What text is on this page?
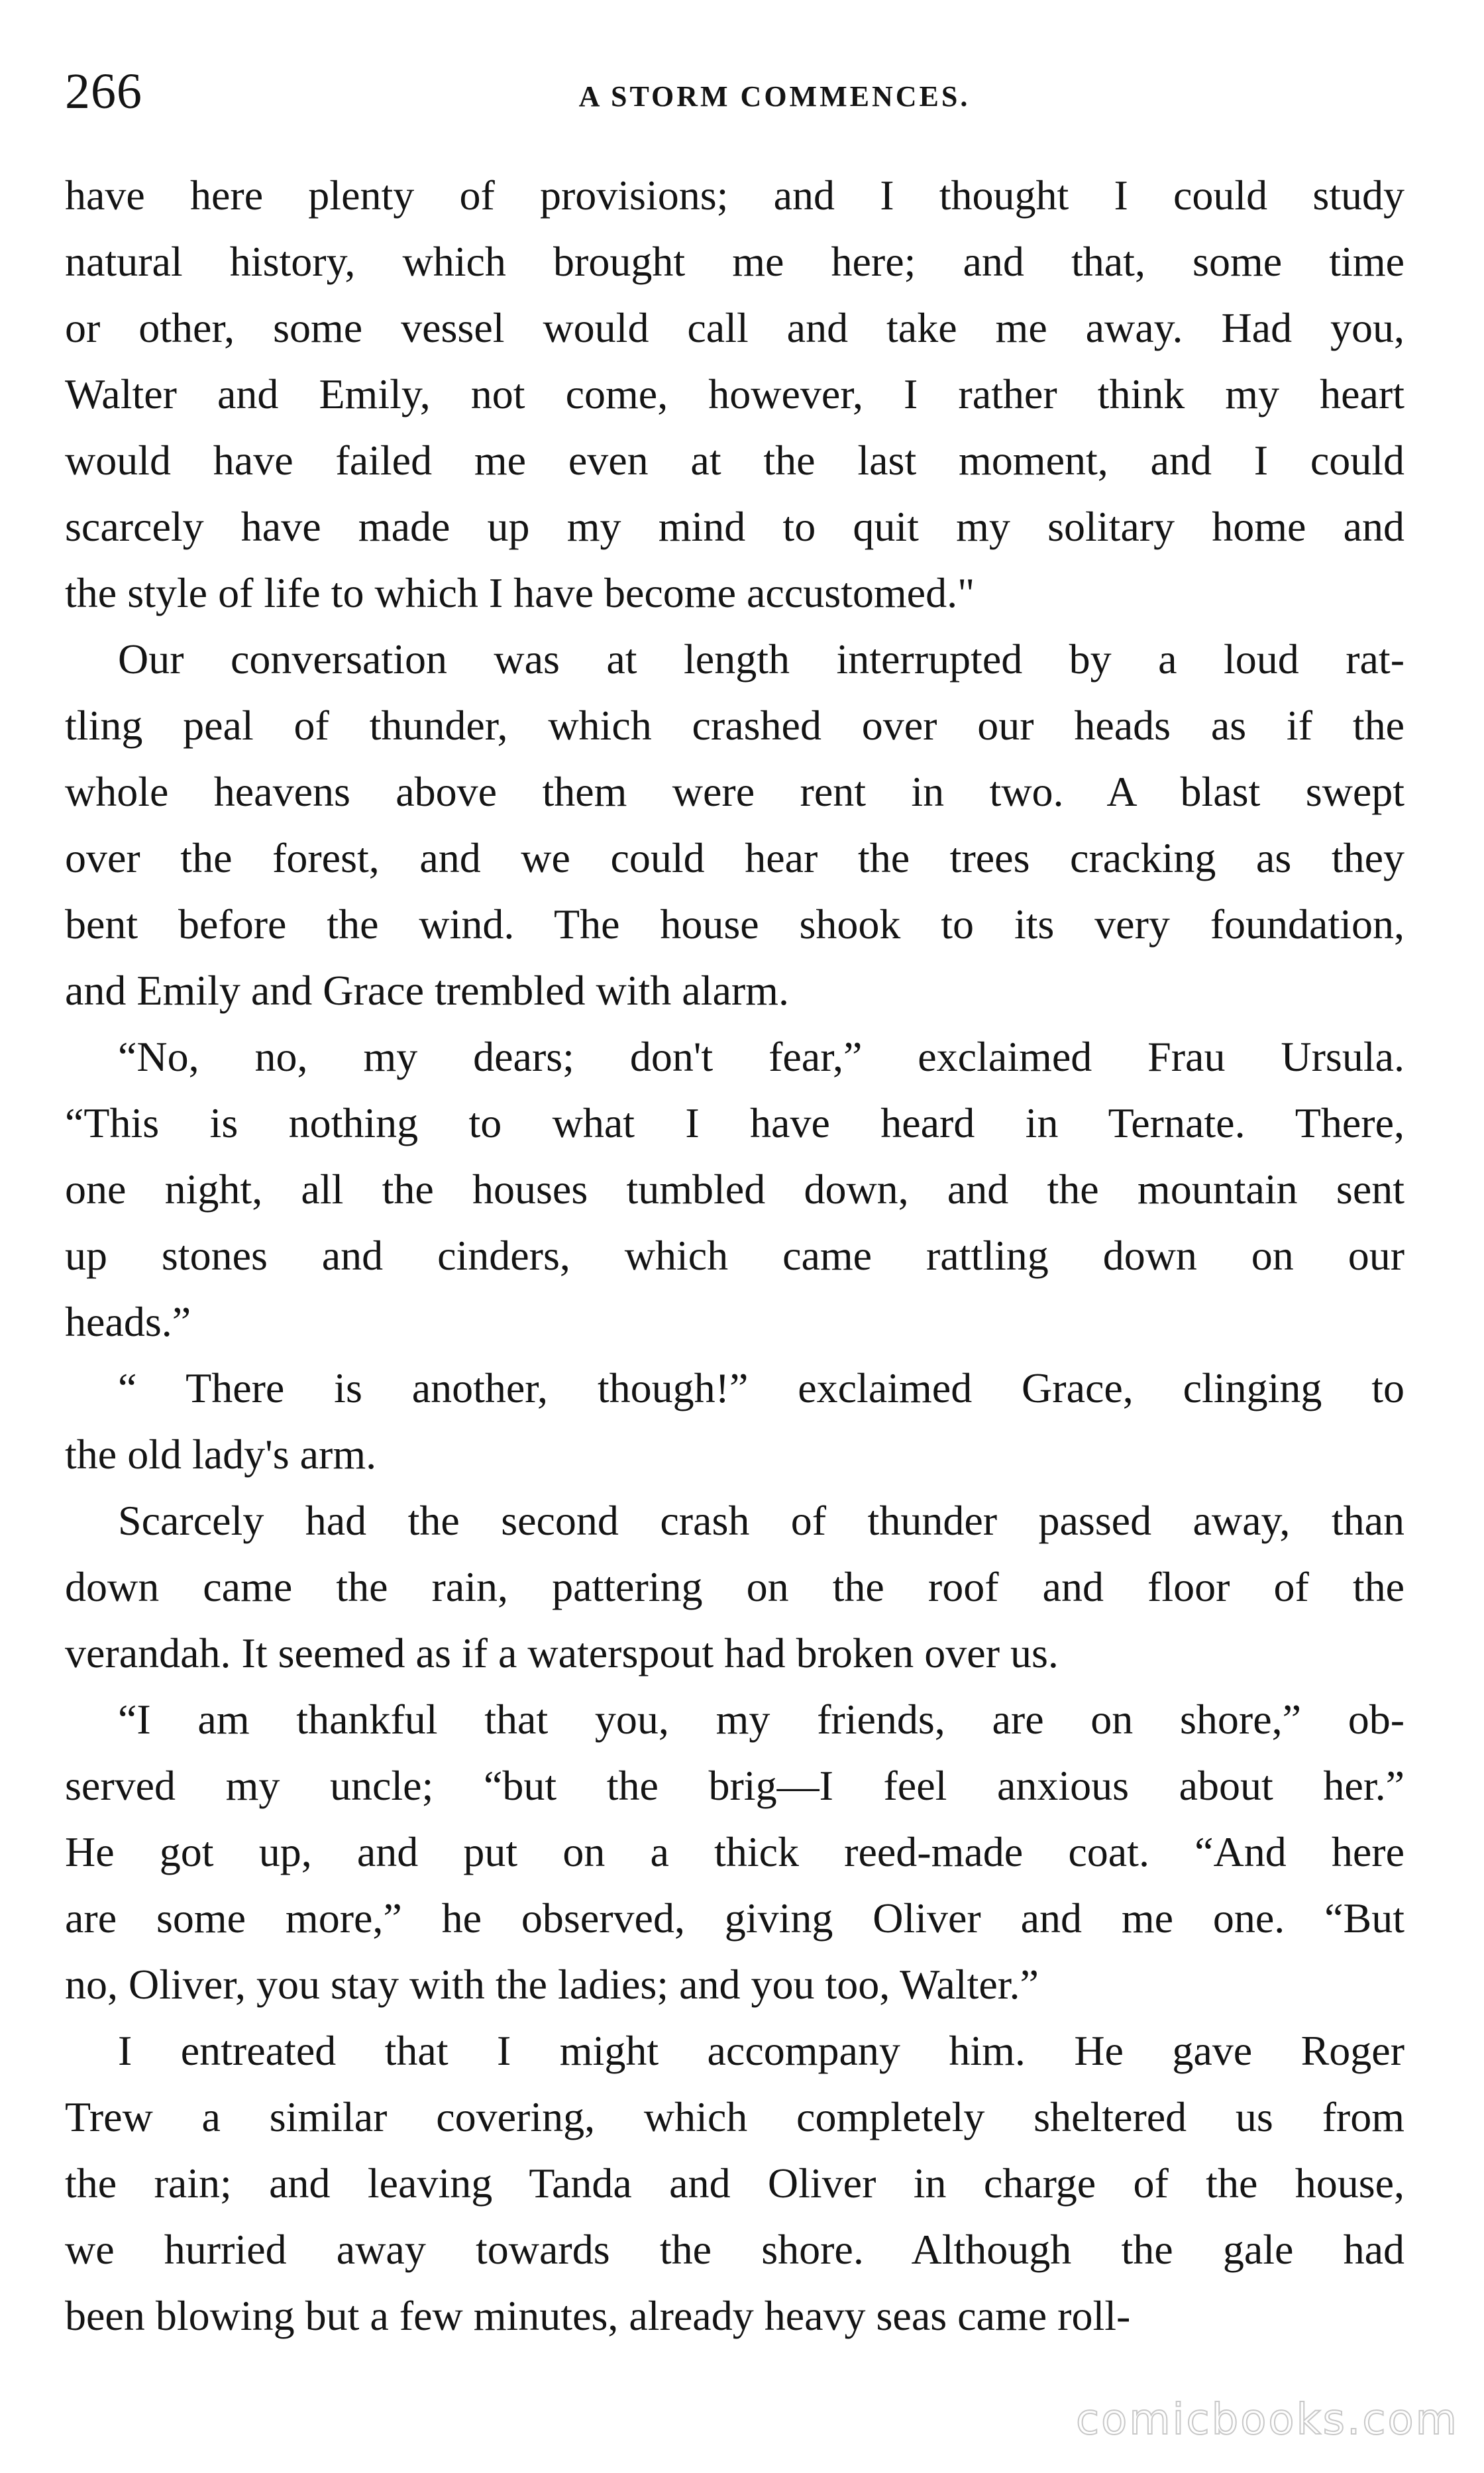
266	A STORM COMMENCES.
have here plenty of provisions; and I thought I could study
natural history, which brought me here; and that, some time
or other, some vessel would call and take me away. Had you,
Walter and Emily, not come, however, I rather think my heart
would have failed me even at the last moment, and I could
scarcely have made up my mind to quit my solitary home and
the style of life to which I have become accustomed."
Our conversation was at length interrupted by a loud rat-
tling peal of thunder, which crashed over our heads as if the
whole heavens above them were rent in two. A blast swept
over the forest, and we could hear the trees cracking as they
bent before the wind. The house shook to its very foundation,
and Emily and Grace trembled with alarm.
“No, no, my dears; don't fear,” exclaimed Frau Ursula.
“This is nothing to what I have heard in Ternate. There,
one night, all the houses tumbled down, and the mountain sent
up stones and cinders, which came rattling down on our
heads.”
“ There is another, though!” exclaimed Grace, clinging to
the old lady's arm.
Scarcely had the second crash of thunder passed away, than
down came the rain, pattering on the roof and floor of the
verandah. It seemed as if a waterspout had broken over us.
“I am thankful that you, my friends, are on shore,” ob-
served my uncle; “but the brig—I feel anxious about her.”
He got up, and put on a thick reed-made coat. “And here
are some more,” he observed, giving Oliver and me one. “But
no, Oliver, you stay with the ladies; and you too, Walter.”
I entreated that I might accompany him. He gave Roger
Trew a similar covering, which completely sheltered us from
the rain; and leaving Tanda and Oliver in charge of the house,
we hurried away towards the shore. Although the gale had
been blowing but a few minutes, already heavy seas came roll-
comicbooks.com
